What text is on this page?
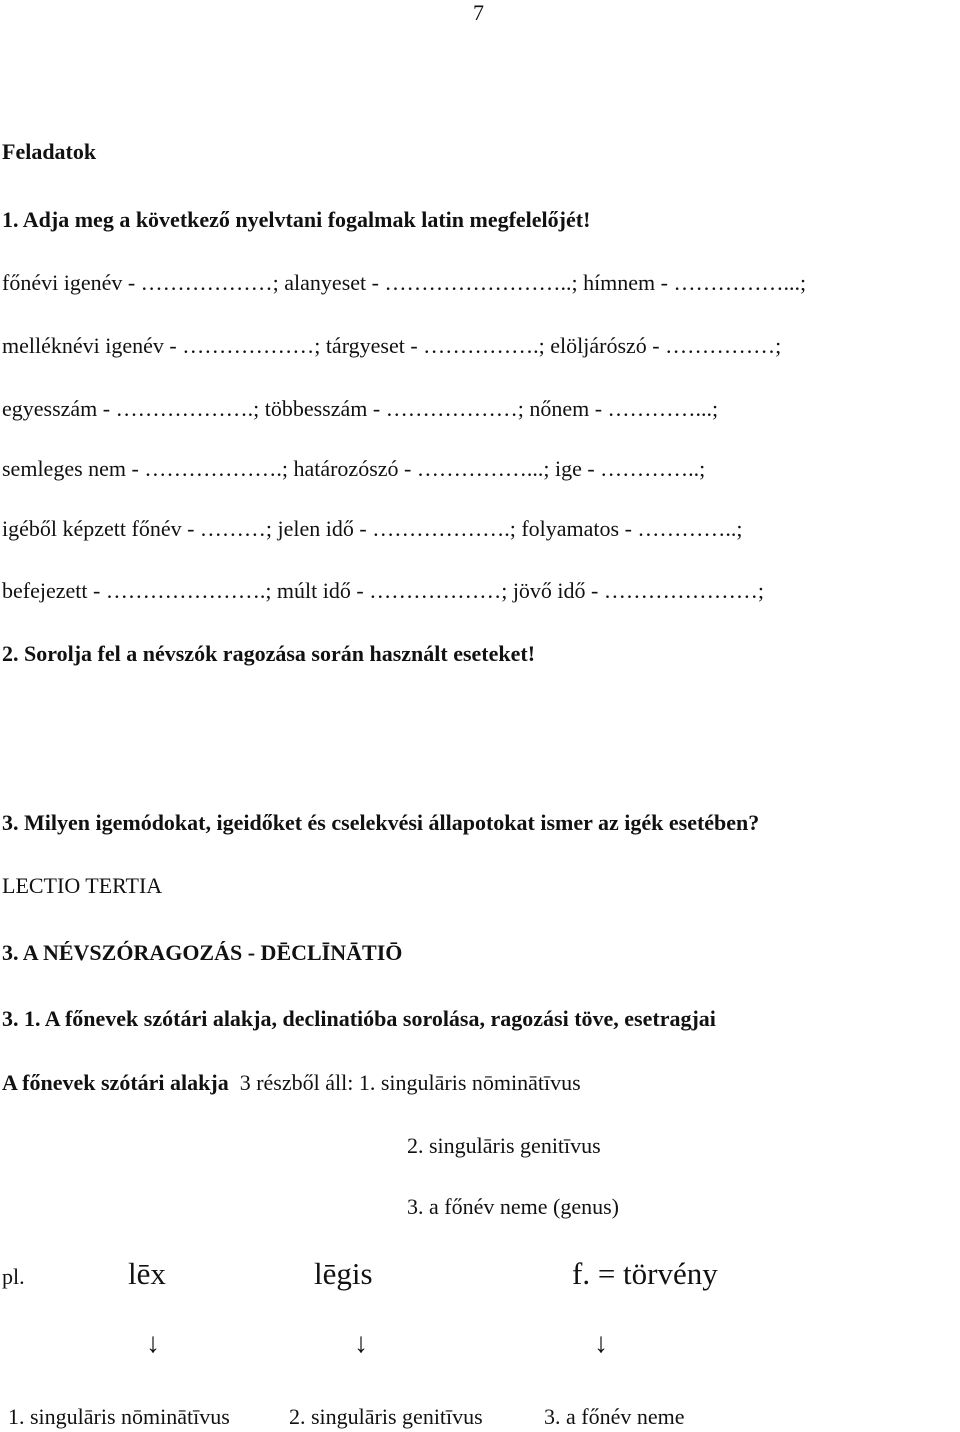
7
Feladatok
1. Adja meg a következő nyelvtani fogalmak latin megfelelőjét!
főnévi igenév - ………………; alanyeset - ……………………..; hímnem - ……………...;
melléknévi igenév - ………………; tárgyeset - …………….; elöljárószó - ……………;
egyesszám - ……………….; többesszám - ………………; nőnem - …………...;
semleges nem - ……………….; határozószó - ……………...; ige - …………..;
igéből képzett főnév - ………; jelen idő - ……………….; folyamatos - …………..;
befejezett - ………………….; múlt idő - ………………; jövő idő - …………………;
2. Sorolja fel a névszók ragozása során használt eseteket!
3. Milyen igemódokat, igeidőket és cselekvési állapotokat ismer az igék esetében?
LECTIO TERTIA
3. A NÉVSZÓRAGOZÁS - DĒCLĪNĀTIŌ
3. 1. A főnevek szótári alakja, declinatióba sorolása, ragozási töve, esetragjai
A főnevek szótári alakja 3 részből áll: 1. singulāris nōminātīvus
2. singulāris genitīvus
3. a főnév neme (genus)
pl.	lēx	lēgis	f. = törvény
↓	↓	↓
1. singulāris nōminātīvus	2. singulāris genitīvus	3. a főnév neme
